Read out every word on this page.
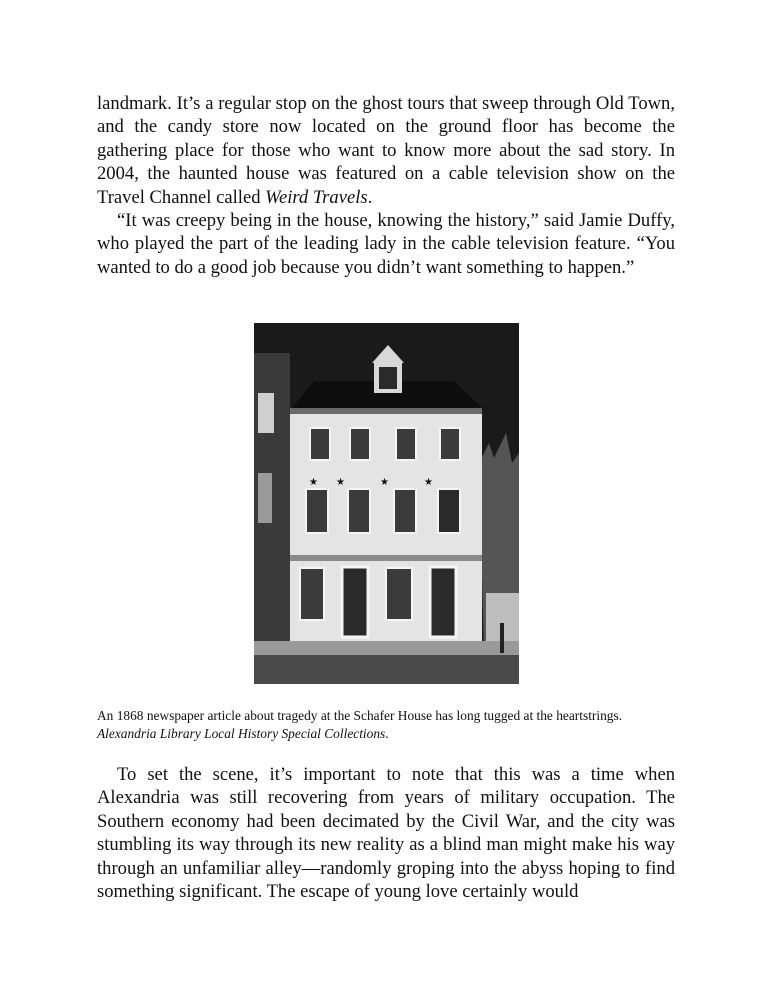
landmark. It’s a regular stop on the ghost tours that sweep through Old Town, and the candy store now located on the ground floor has become the gathering place for those who want to know more about the sad story. In 2004, the haunted house was featured on a cable television show on the Travel Channel called Weird Travels.

“It was creepy being in the house, knowing the history,” said Jamie Duffy, who played the part of the leading lady in the cable television feature. “You wanted to do a good job because you didn’t want something to happen.”

★ ★	★	★

An 1868 newspaper article about tragedy at the Schafer House has long tugged at the heartstrings.

Alexandria Library Local History Special Collections.

To set the scene, it’s important to note that this was a time when Alexandria was still recovering from years of military occupation. The Southern economy had been decimated by the Civil War, and the city was stumbling its way through its new reality as a blind man might make his way through an unfamiliar alley—randomly groping into the abyss hoping to find something significant. The escape of young love certainly would
